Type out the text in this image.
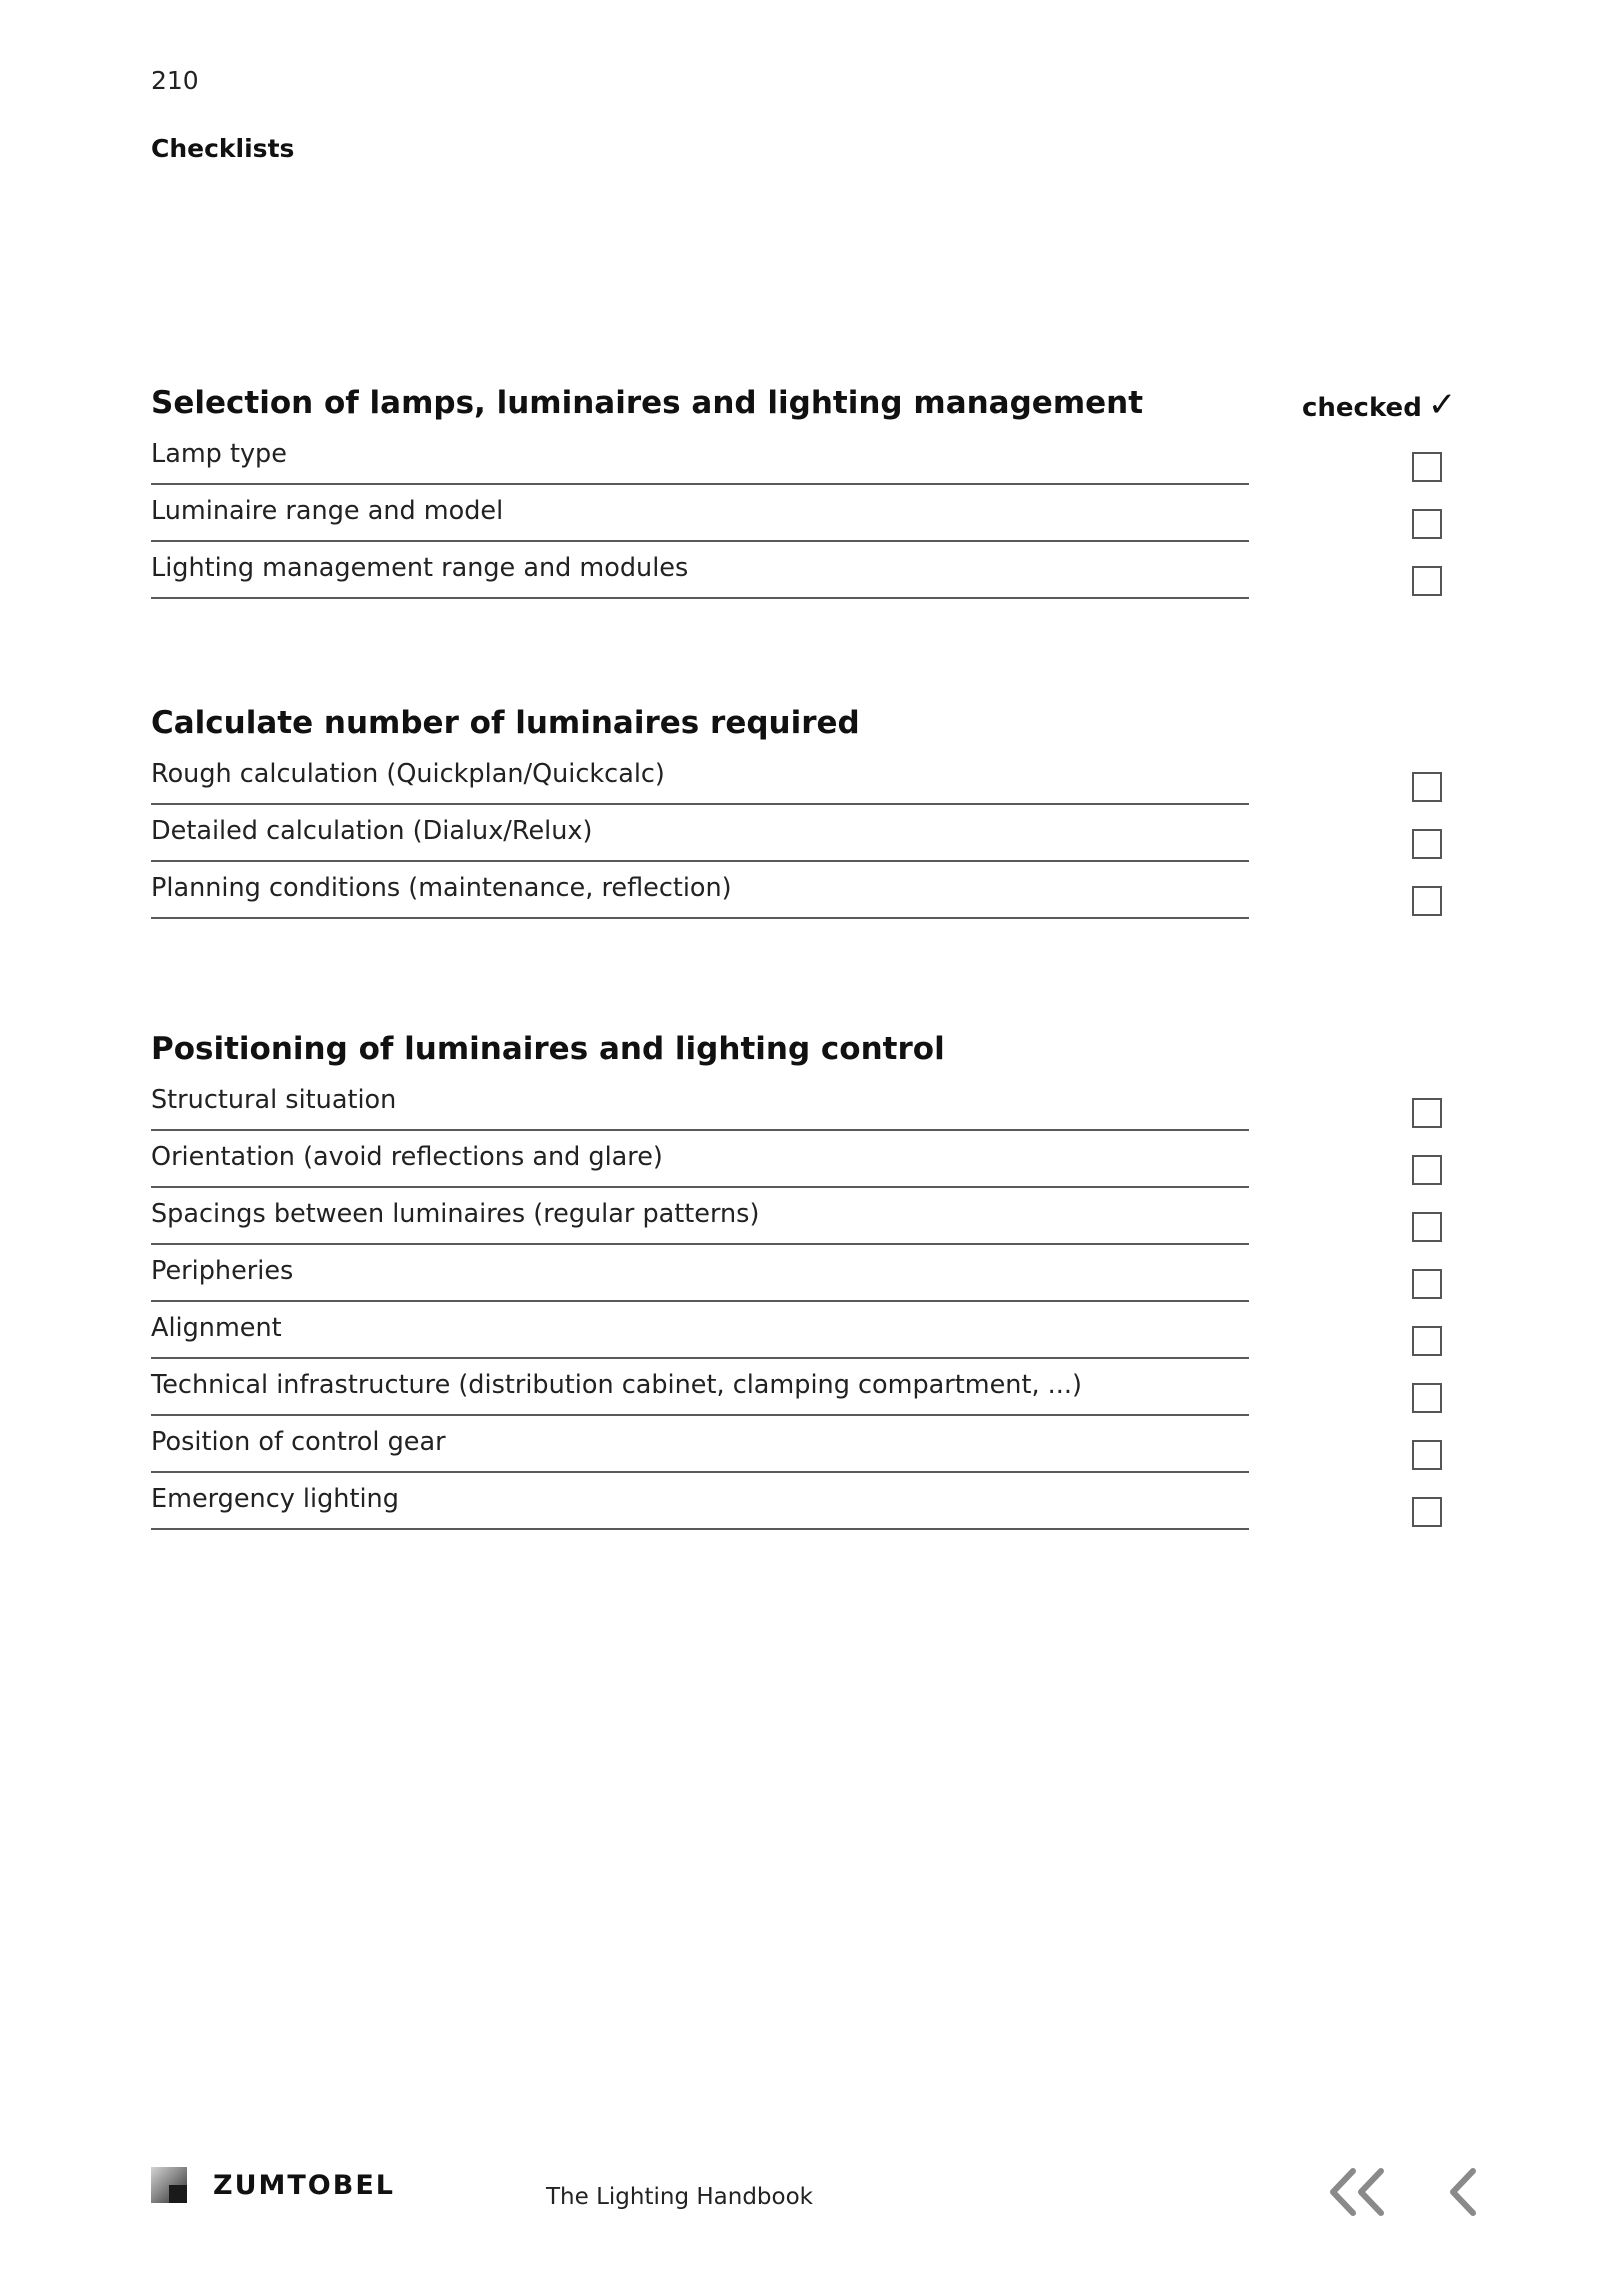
210
Checklists
checked ✓
Selection of lamps, luminaires and lighting management
Lamp type
Luminaire range and model
Lighting management range and modules
Calculate number of luminaires required
Rough calculation (Quickplan/Quickcalc)
Detailed calculation (Dialux/Relux)
Planning conditions (maintenance, reflection)
Positioning of luminaires and lighting control
Structural situation
Orientation (avoid reflections and glare)
Spacings between luminaires (regular patterns)
Peripheries
Alignment
Technical infrastructure (distribution cabinet, clamping compartment, ...)
Position of control gear
Emergency lighting
ZUMTOBEL	The Lighting Handbook
